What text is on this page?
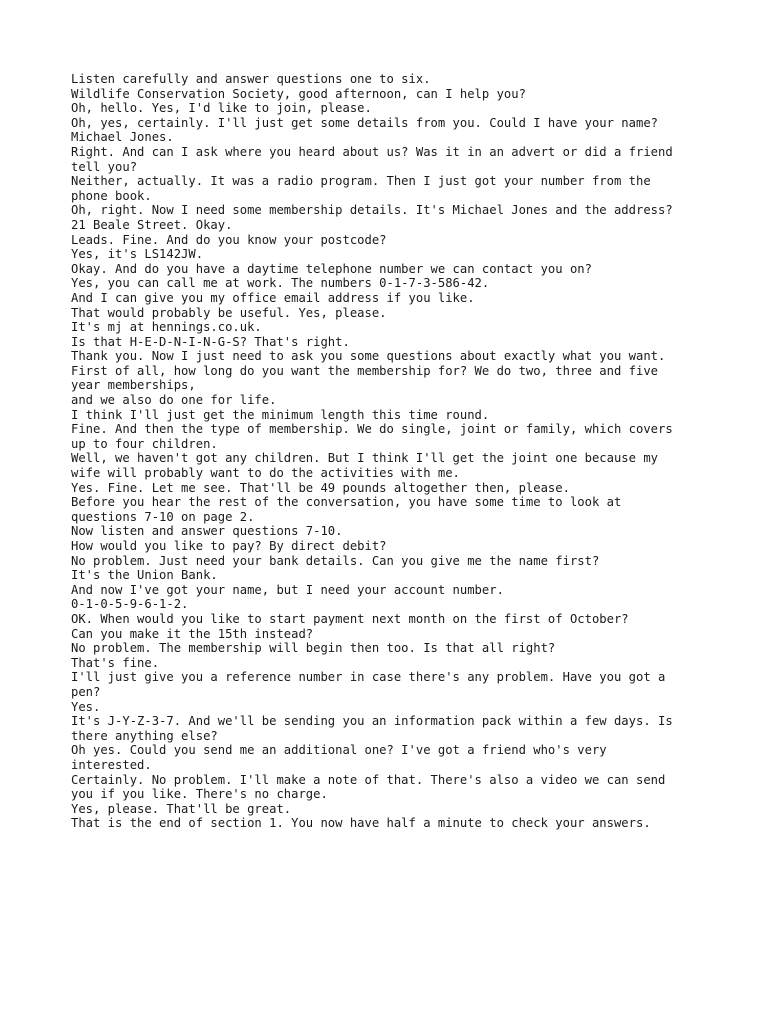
Listen carefully and answer questions one to six.
Wildlife Conservation Society, good afternoon, can I help you?
Oh, hello. Yes, I'd like to join, please.
Oh, yes, certainly. I'll just get some details from you. Could I have your name?
Michael Jones.
Right. And can I ask where you heard about us? Was it in an advert or did a friend
tell you?
Neither, actually. It was a radio program. Then I just got your number from the
phone book.
Oh, right. Now I need some membership details. It's Michael Jones and the address?
21 Beale Street. Okay.
Leads. Fine. And do you know your postcode?
Yes, it's LS142JW.
Okay. And do you have a daytime telephone number we can contact you on?
Yes, you can call me at work. The numbers 0-1-7-3-586-42.
And I can give you my office email address if you like.
That would probably be useful. Yes, please.
It's mj at hennings.co.uk.
Is that H-E-D-N-I-N-G-S? That's right.
Thank you. Now I just need to ask you some questions about exactly what you want.
First of all, how long do you want the membership for? We do two, three and five
year memberships,
and we also do one for life.
I think I'll just get the minimum length this time round.
Fine. And then the type of membership. We do single, joint or family, which covers
up to four children.
Well, we haven't got any children. But I think I'll get the joint one because my
wife will probably want to do the activities with me.
Yes. Fine. Let me see. That'll be 49 pounds altogether then, please.
Before you hear the rest of the conversation, you have some time to look at
questions 7-10 on page 2.
Now listen and answer questions 7-10.
How would you like to pay? By direct debit?
No problem. Just need your bank details. Can you give me the name first?
It's the Union Bank.
And now I've got your name, but I need your account number.
0-1-0-5-9-6-1-2.
OK. When would you like to start payment next month on the first of October?
Can you make it the 15th instead?
No problem. The membership will begin then too. Is that all right?
That's fine.
I'll just give you a reference number in case there's any problem. Have you got a
pen?
Yes.
It's J-Y-Z-3-7. And we'll be sending you an information pack within a few days. Is
there anything else?
Oh yes. Could you send me an additional one? I've got a friend who's very
interested.
Certainly. No problem. I'll make a note of that. There's also a video we can send
you if you like. There's no charge.
Yes, please. That'll be great.
That is the end of section 1. You now have half a minute to check your answers.
